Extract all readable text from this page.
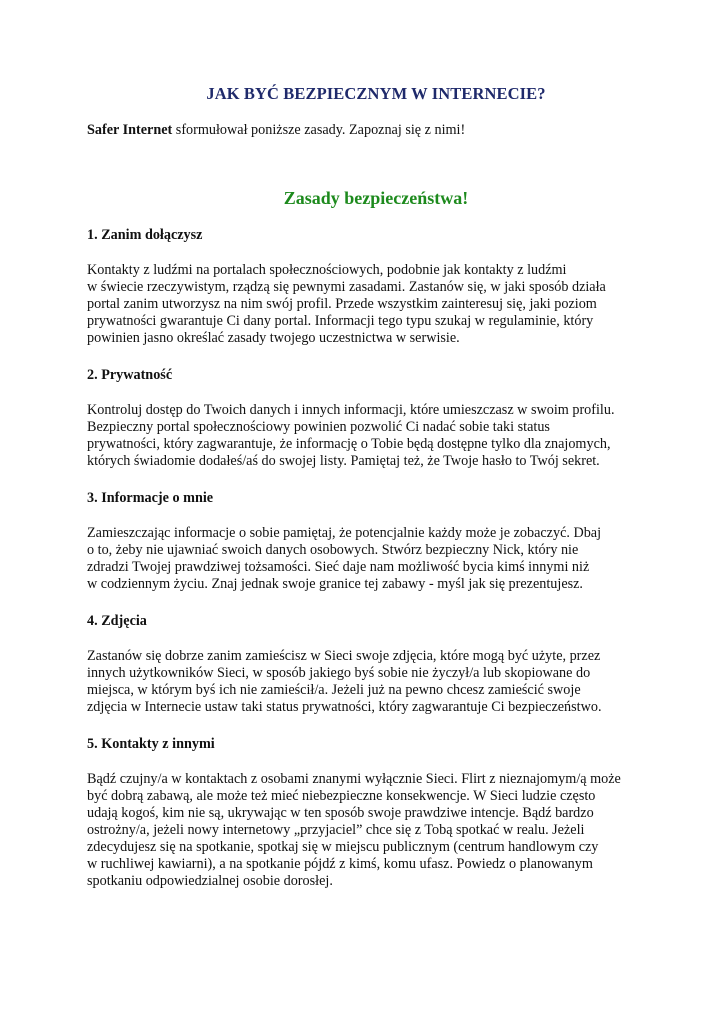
JAK BYĆ BEZPIECZNYM W INTERNECIE?

Safer Internet sformułował poniższe zasady. Zapoznaj się z nimi!

Zasady bezpieczeństwa!
1. Zanim dołączysz

Kontakty z ludźmi na portalach społecznościowych, podobnie jak kontakty z ludźmi
w świecie rzeczywistym, rządzą się pewnymi zasadami. Zastanów się, w jaki sposób działa
portal zanim utworzysz na nim swój profil. Przede wszystkim zainteresuj się, jaki poziom
prywatności gwarantuje Ci dany portal. Informacji tego typu szukaj w regulaminie, który
powinien jasno określać zasady twojego uczestnictwa w serwisie.

2. Prywatność

Kontroluj dostęp do Twoich danych i innych informacji, które umieszczasz w swoim profilu.
Bezpieczny portal społecznościowy powinien pozwolić Ci nadać sobie taki status
prywatności, który zagwarantuje, że informację o Tobie będą dostępne tylko dla znajomych,
których świadomie dodałeś/aś do swojej listy. Pamiętaj też, że Twoje hasło to Twój sekret.

3. Informacje o mnie

Zamieszczając informacje o sobie pamiętaj, że potencjalnie każdy może je zobaczyć. Dbaj
o to, żeby nie ujawniać swoich danych osobowych. Stwórz bezpieczny Nick, który nie
zdradzi Twojej prawdziwej tożsamości. Sieć daje nam możliwość bycia kimś innymi niż
w codziennym życiu. Znaj jednak swoje granice tej zabawy - myśl jak się prezentujesz.

4. Zdjęcia

Zastanów się dobrze zanim zamieścisz w Sieci swoje zdjęcia, które mogą być użyte, przez
innych użytkowników Sieci, w sposób jakiego byś sobie nie życzył/a lub skopiowane do
miejsca, w którym byś ich nie zamieścił/a. Jeżeli już na pewno chcesz zamieścić swoje
zdjęcia w Internecie ustaw taki status prywatności, który zagwarantuje Ci bezpieczeństwo.

5. Kontakty z innymi

Bądź czujny/a w kontaktach z osobami znanymi wyłącznie Sieci. Flirt z nieznajomym/ą może
być dobrą zabawą, ale może też mieć niebezpieczne konsekwencje. W Sieci ludzie często
udają kogoś, kim nie są, ukrywając w ten sposób swoje prawdziwe intencje. Bądź bardzo
ostrożny/a, jeżeli nowy internetowy „przyjaciel” chce się z Tobą spotkać w realu. Jeżeli
zdecydujesz się na spotkanie, spotkaj się w miejscu publicznym (centrum handlowym czy
w ruchliwej kawiarni), a na spotkanie pójdź z kimś, komu ufasz. Powiedz o planowanym
spotkaniu odpowiedzialnej osobie dorosłej.
